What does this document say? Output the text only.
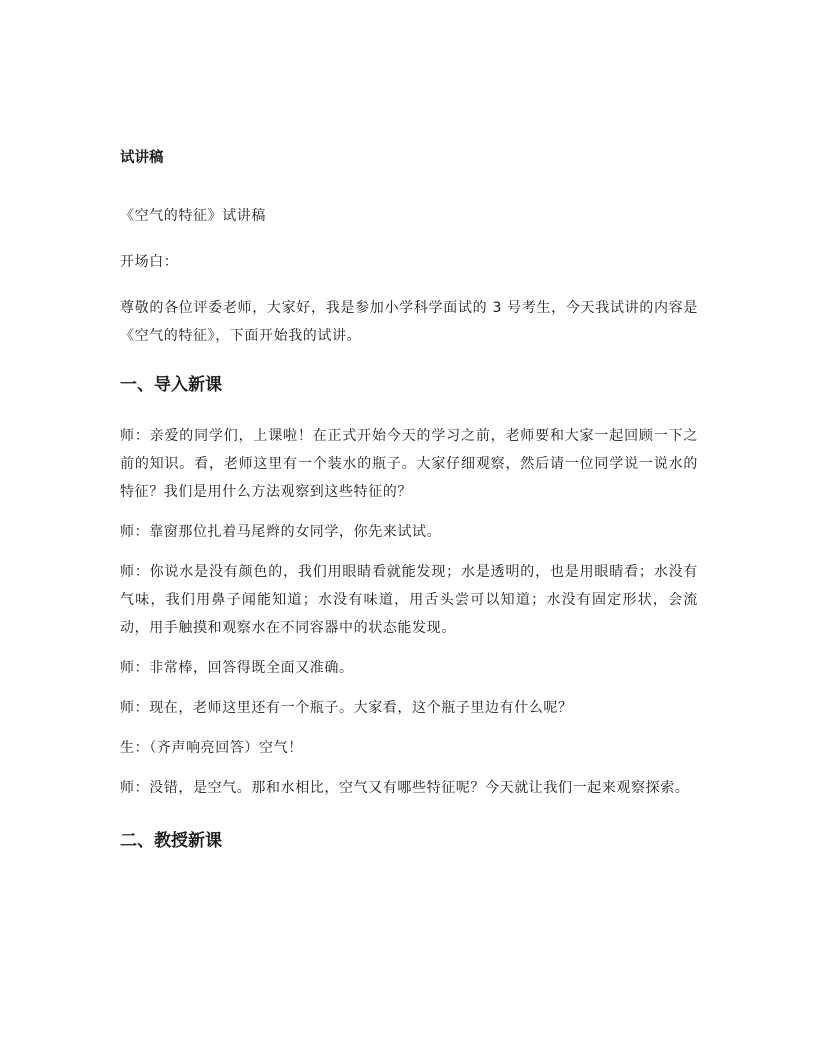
试讲稿

《空气的特征》试讲稿

开场白：

尊敬的各位评委老师，大家好，我是参加小学科学面试的 3 号考生，今天我试讲的内容是《空气的特征》，下面开始我的试讲。

一、导入新课

师：亲爱的同学们，上课啦！在正式开始今天的学习之前，老师要和大家一起回顾一下之前的知识。看，老师这里有一个装水的瓶子。大家仔细观察，然后请一位同学说一说水的特征？我们是用什么方法观察到这些特征的？

师：靠窗那位扎着马尾辫的女同学，你先来试试。

师：你说水是没有颜色的，我们用眼睛看就能发现；水是透明的，也是用眼睛看；水没有气味，我们用鼻子闻能知道；水没有味道，用舌头尝可以知道；水没有固定形状，会流动，用手触摸和观察水在不同容器中的状态能发现。

师：非常棒，回答得既全面又准确。

师：现在，老师这里还有一个瓶子。大家看，这个瓶子里边有什么呢？

生：（齐声响亮回答）空气！

师：没错，是空气。那和水相比，空气又有哪些特征呢？今天就让我们一起来观察探索。

二、教授新课
